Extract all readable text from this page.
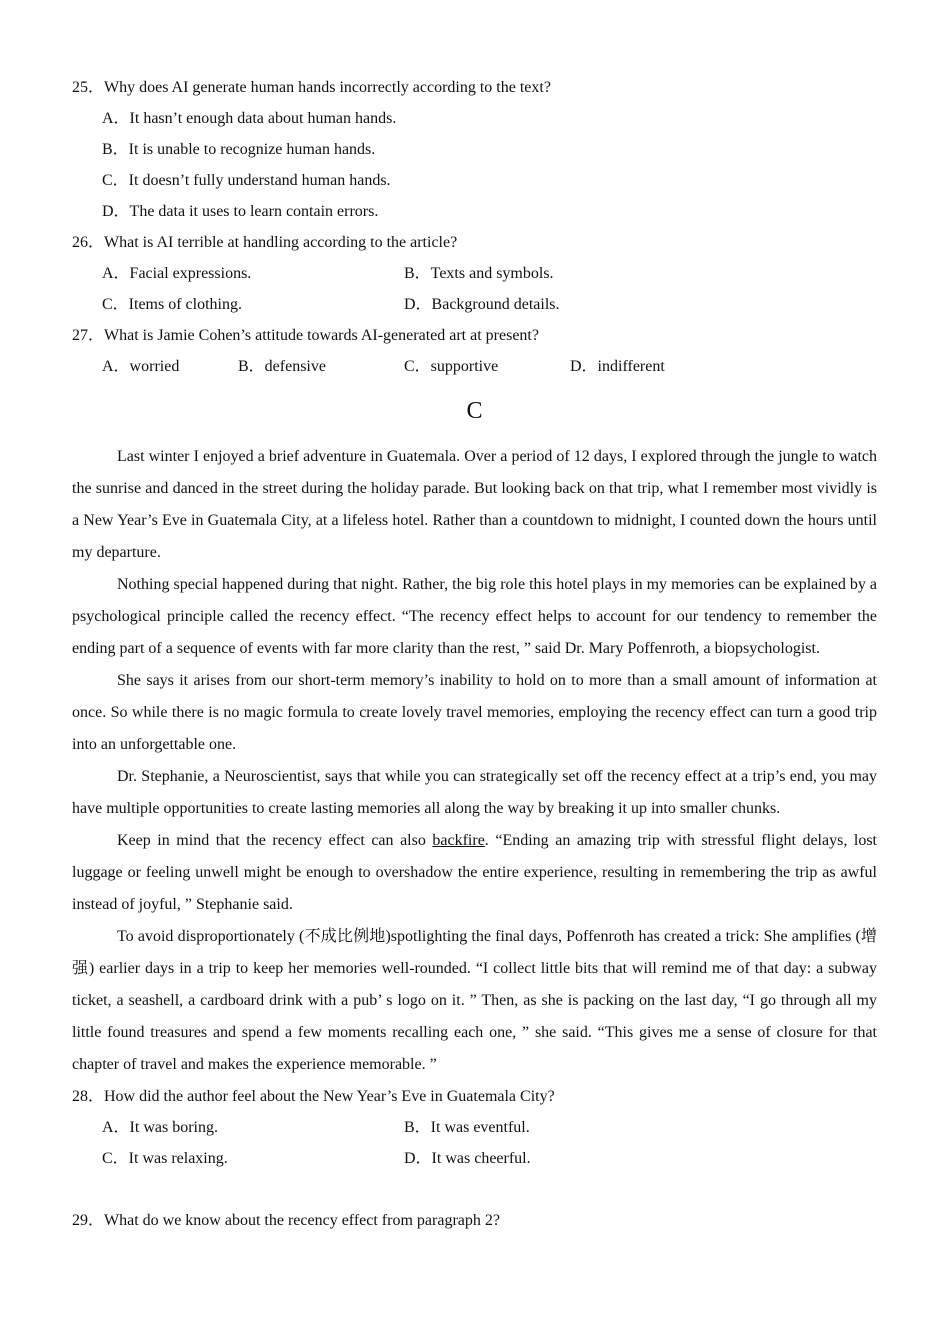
25．Why does AI generate human hands incorrectly according to the text?
A．It hasn’t enough data about human hands.
B．It is unable to recognize human hands.
C．It doesn’t fully understand human hands.
D．The data it uses to learn contain errors.
26．What is AI terrible at handling according to the article?
A．Facial expressions.	B．Texts and symbols.
C．Items of clothing.	D．Background details.
27．What is Jamie Cohen’s attitude towards AI-generated art at present?
A．worried	B．defensive	C．supportive	D．indifferent
C

Last winter I enjoyed a brief adventure in Guatemala. Over a period of 12 days, I explored through the jungle to watch the sunrise and danced in the street during the holiday parade. But looking back on that trip, what I remember most vividly is a New Year’s Eve in Guatemala City, at a lifeless hotel. Rather than a countdown to midnight, I counted down the hours until my departure.

Nothing special happened during that night. Rather, the big role this hotel plays in my memories can be explained by a psychological principle called the recency effect. “The recency effect helps to account for our tendency to remember the ending part of a sequence of events with far more clarity than the rest, ” said Dr. Mary Poffenroth, a biopsychologist.

She says it arises from our short-term memory’s inability to hold on to more than a small amount of information at once. So while there is no magic formula to create lovely travel memories, employing the recency effect can turn a good trip into an unforgettable one.

Dr. Stephanie, a Neuroscientist, says that while you can strategically set off the recency effect at a trip’s end, you may have multiple opportunities to create lasting memories all along the way by breaking it up into smaller chunks.

Keep in mind that the recency effect can also backfire. “Ending an amazing trip with stressful flight delays, lost luggage or feeling unwell might be enough to overshadow the entire experience, resulting in remembering the trip as awful instead of joyful, ” Stephanie said.

To avoid disproportionately (不成比例地)spotlighting the final days, Poffenroth has created a trick: She amplifies (增强) earlier days in a trip to keep her memories well-rounded. “I collect little bits that will remind me of that day: a subway ticket, a seashell, a cardboard drink with a pub’ s logo on it. ” Then, as she is packing on the last day, “I go through all my little found treasures and spend a few moments recalling each one, ” she said. “This gives me a sense of closure for that chapter of travel and makes the experience memorable. ”

28．How did the author feel about the New Year’s Eve in Guatemala City?
A．It was boring.	B．It was eventful.
C．It was relaxing.	D．It was cheerful.
29．What do we know about the recency effect from paragraph 2?
